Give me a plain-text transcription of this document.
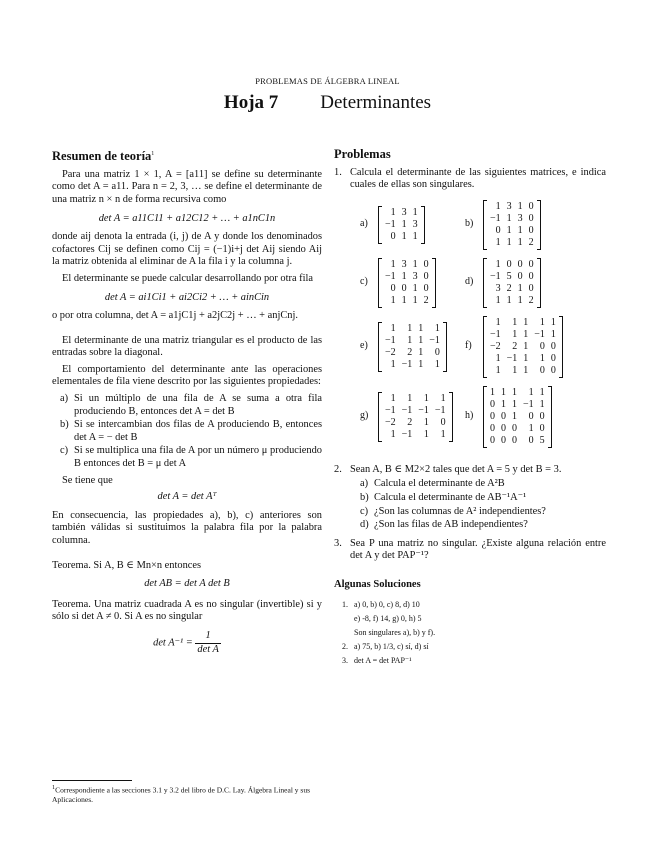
PROBLEMAS DE ÁLGEBRA LINEAL
Hoja 7 Determinantes
Resumen de teoría$^1$

Para una matriz 1 × 1, A = [a11] se define su determinante como det A = a11. Para n = 2, 3, … se define el determinante de una matriz n × n de forma recursiva como

det A = a11C11 + a12C12 + … + a1nC1n

donde aij denota la entrada (i, j) de A y donde los denominados cofactores Cij se definen como Cij = (−1)i+j det Aij siendo Aij la matriz obtenida al eliminar de A la fila i y la columna j.

El determinante se puede calcular desarrollando por otra fila

det A = ai1Ci1 + ai2Ci2 + … + ainCin

o por otra columna, det A = a1jC1j + a2jC2j + … + anjCnj.

El determinante de una matriz triangular es el producto de las entradas sobre la diagonal.

El comportamiento del determinante ante las operaciones elementales de fila viene descrito por las siguientes propiedades:

a) Si un múltiplo de una fila de A se suma a otra fila produciendo B, entonces det A = det B
b) Si se intercambian dos filas de A produciendo B, entonces det A = − det B
c) Si se multiplica una fila de A por un número μ produciendo B entonces det B = μ det A

Se tiene que

det A = det Aᵀ

En consecuencia, las propiedades a), b), c) anteriores son también válidas si sustituimos la palabra fila por la palabra columna.

Teorema. Si A, B ∈ Mn×n entonces

det AB = det A det B

Teorema. Una matriz cuadrada A es no singular (invertible) si y sólo si det A ≠ 0. Si A es no singular

$\det A^{-1} = \frac{1}{\text{det A}}$
Problemas
1. Calcula el determinante de las siguientes matrices, e indica cuales de ellas son singulares.
a)
1 3 1
−1 1 3
0 1 1
b)
1 3 1 0
−1 1 3 0
0 1 1 0
1 1 1 2
c)
1 3 1 0
−1 1 3 0
0 0 1 0
1 1 1 2
d)
1 0 0 0
−1 5 0 0
3 2 1 0
1 1 1 2
e)
1	1 1	1
−1	1 1 −1
−2	2 1	0
1 −1 1	1
f)
1	1 1	1 1
−1	1 1 −1 1
−2	2 1	0 0
1 −1 1	1 0
1	1 1	0 0
g)
1	1	1	1
−1 −1 −1 −1
−2	2	1	0
1 −1	1	1
h)
1 1 1	1 1
0 1 1 −1 1
0 0 1	0 0
0 0 0	1 0
0 0 0	0 5
2. Sean A, B ∈ M2×2 tales que det A = 5 y det B = 3.
a) Calcula el determinante de A²B
b) Calcula el determinante de AB⁻¹A⁻¹
c) ¿Son las columnas de A² independientes?
d) ¿Son las filas de AB independientes?
3. Sea P una matriz no singular. ¿Existe alguna relación entre det A y det PAP⁻¹?
Algunas Soluciones
1. a) 0, b) 0, c) 8, d) 10
e) -8, f) 14, g) 0, h) 5
Son singulares a), b) y f).
2. a) 75, b) 1/3, c) sí, d) sí
3. det A = det PAP⁻¹
$^1$Correspondiente a las secciones 3.1 y 3.2 del libro de D.C. Lay. Álgebra Lineal y sus Aplicaciones.
